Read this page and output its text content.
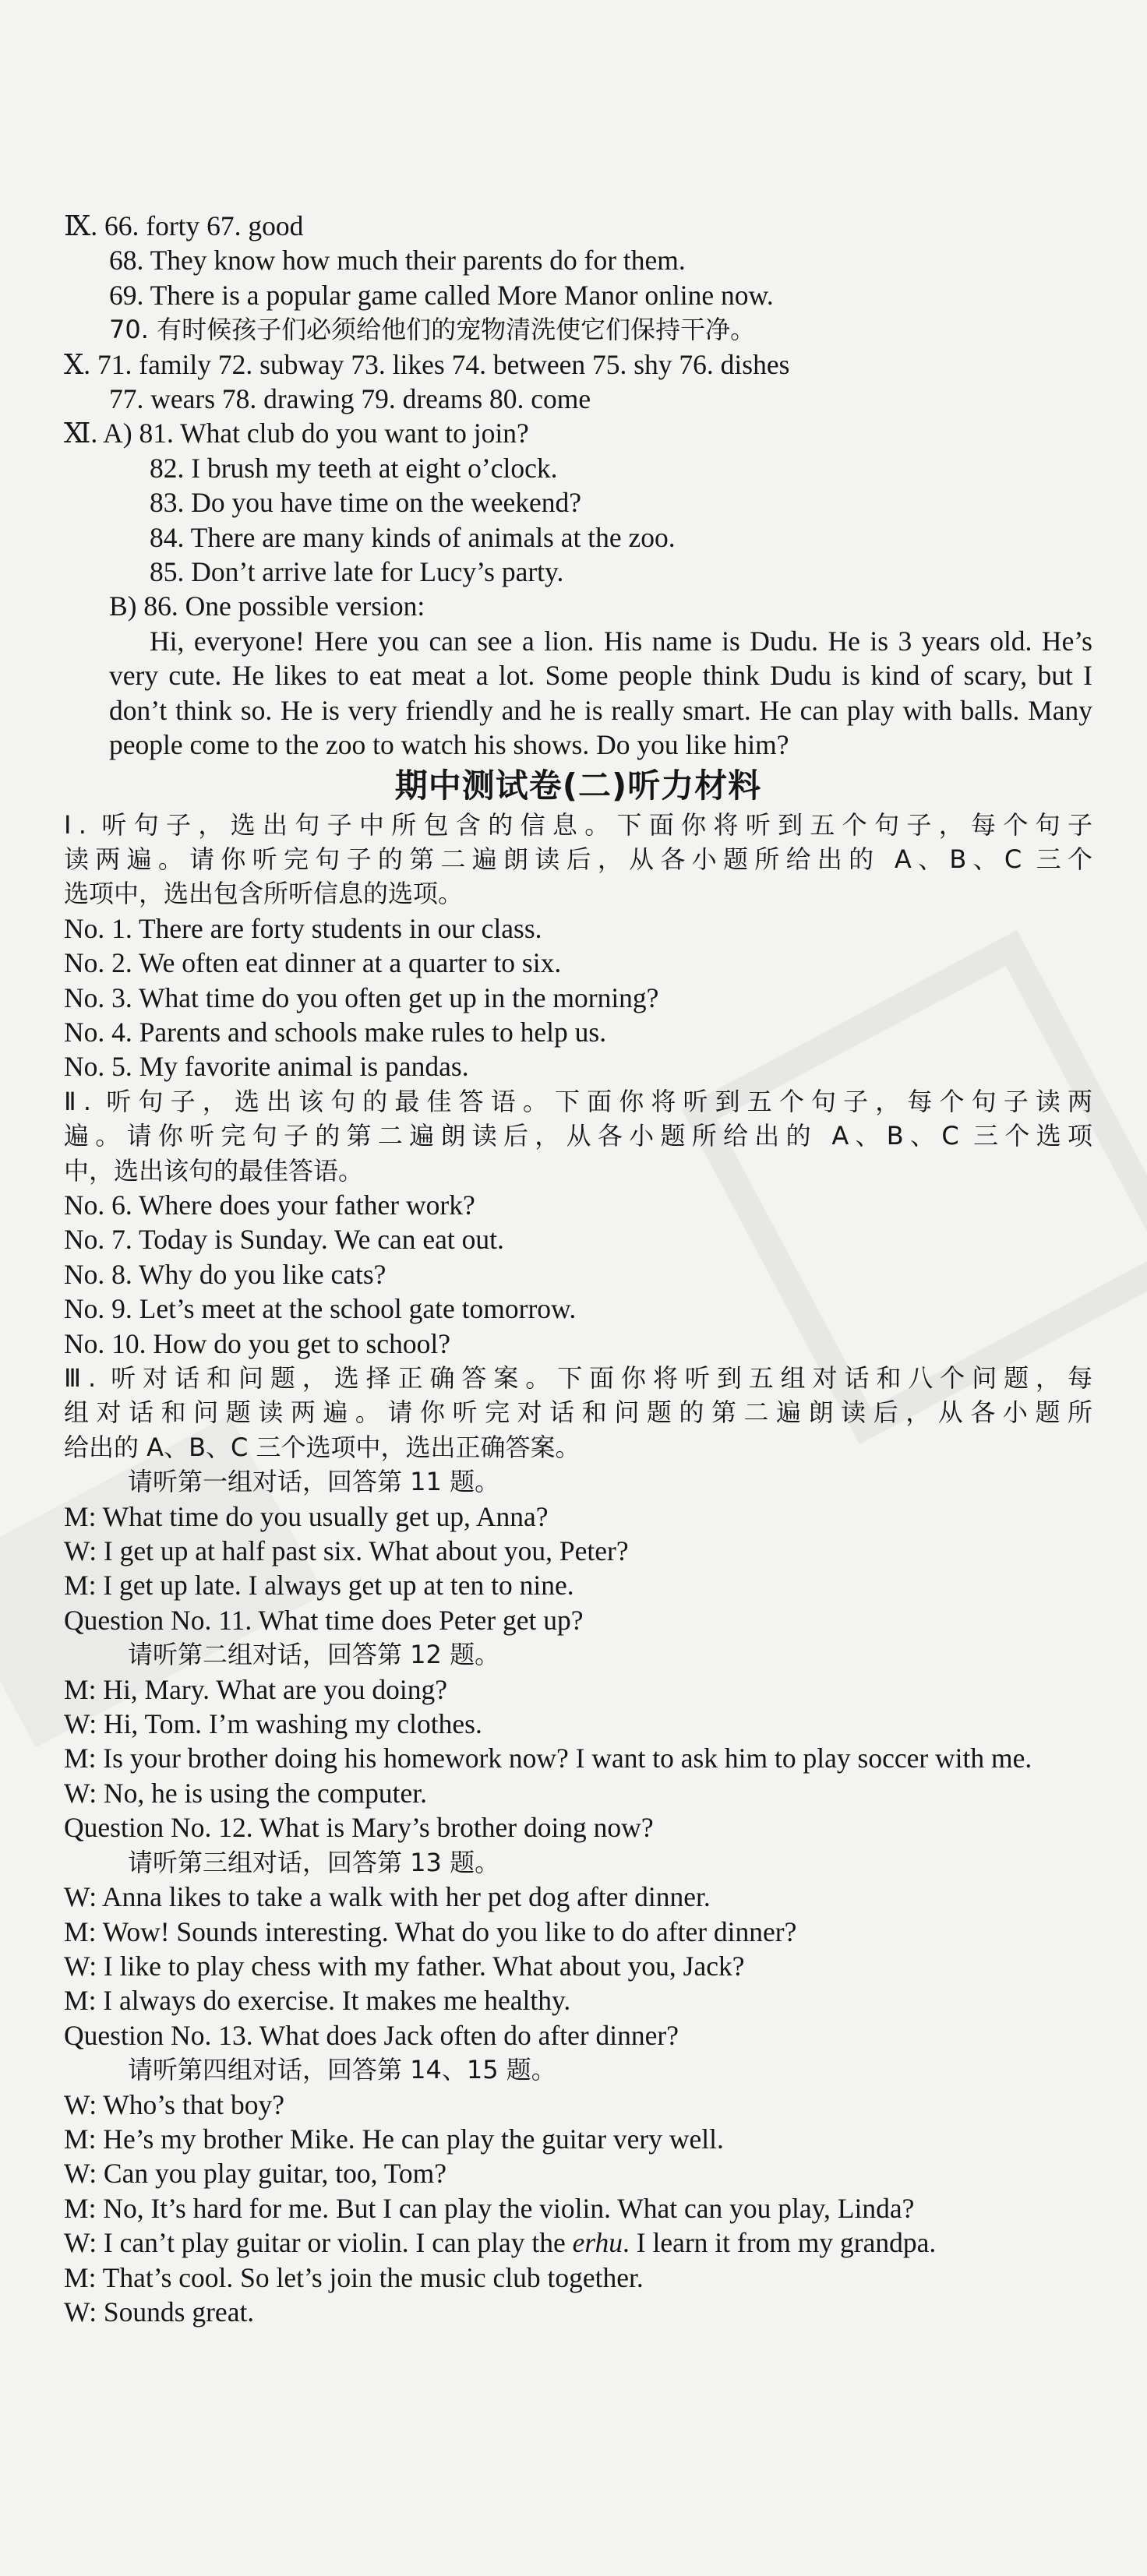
Ⅸ. 66. forty 67. good
68. They know how much their parents do for them.
69. There is a popular game called More Manor online now.
70. 有时候孩子们必须给他们的宠物清洗使它们保持干净。
Ⅹ. 71. family 72. subway 73. likes 74. between 75. shy 76. dishes
77. wears 78. drawing 79. dreams 80. come
Ⅺ. A) 81. What club do you want to join?
82. I brush my teeth at eight o’clock.
83. Do you have time on the weekend?
84. There are many kinds of animals at the zoo.
85. Don’t arrive late for Lucy’s party.
B) 86. One possible version:
Hi, everyone! Here you can see a lion. His name is Dudu. He is 3 years old. He’s very cute. He likes to eat meat a lot. Some people think Dudu is kind of scary, but I don’t think so. He is very friendly and he is really smart. He can play with balls. Many people come to the zoo to watch his shows. Do you like him?
期中测试卷(二)听力材料
Ⅰ. 听句子，选出句子中所包含的信息。下面你将听到五个句子，每个句子
读两遍。请你听完句子的第二遍朗读后，从各小题所给出的 A、B、C 三个
选项中，选出包含所听信息的选项。
No. 1. There are forty students in our class.
No. 2. We often eat dinner at a quarter to six.
No. 3. What time do you often get up in the morning?
No. 4. Parents and schools make rules to help us.
No. 5. My favorite animal is pandas.
Ⅱ. 听句子，选出该句的最佳答语。下面你将听到五个句子，每个句子读两
遍。请你听完句子的第二遍朗读后，从各小题所给出的 A、B、C 三个选项
中，选出该句的最佳答语。
No. 6. Where does your father work?
No. 7. Today is Sunday. We can eat out.
No. 8. Why do you like cats?
No. 9. Let’s meet at the school gate tomorrow.
No. 10. How do you get to school?
Ⅲ. 听对话和问题，选择正确答案。下面你将听到五组对话和八个问题，每
组对话和问题读两遍。请你听完对话和问题的第二遍朗读后，从各小题所
给出的 A、B、C 三个选项中，选出正确答案。
请听第一组对话，回答第 11 题。
M: What time do you usually get up, Anna?
W: I get up at half past six. What about you, Peter?
M: I get up late. I always get up at ten to nine.
Question No. 11. What time does Peter get up?
请听第二组对话，回答第 12 题。
M: Hi, Mary. What are you doing?
W: Hi, Tom. I’m washing my clothes.
M: Is your brother doing his homework now? I want to ask him to play soccer with me.
W: No, he is using the computer.
Question No. 12. What is Mary’s brother doing now?
请听第三组对话，回答第 13 题。
W: Anna likes to take a walk with her pet dog after dinner.
M: Wow! Sounds interesting. What do you like to do after dinner?
W: I like to play chess with my father. What about you, Jack?
M: I always do exercise. It makes me healthy.
Question No. 13. What does Jack often do after dinner?
请听第四组对话，回答第 14、15 题。
W: Who’s that boy?
M: He’s my brother Mike. He can play the guitar very well.
W: Can you play guitar, too, Tom?
M: No, It’s hard for me. But I can play the violin. What can you play, Linda?
W: I can’t play guitar or violin. I can play the erhu. I learn it from my grandpa.
M: That’s cool. So let’s join the music club together.
W: Sounds great.
